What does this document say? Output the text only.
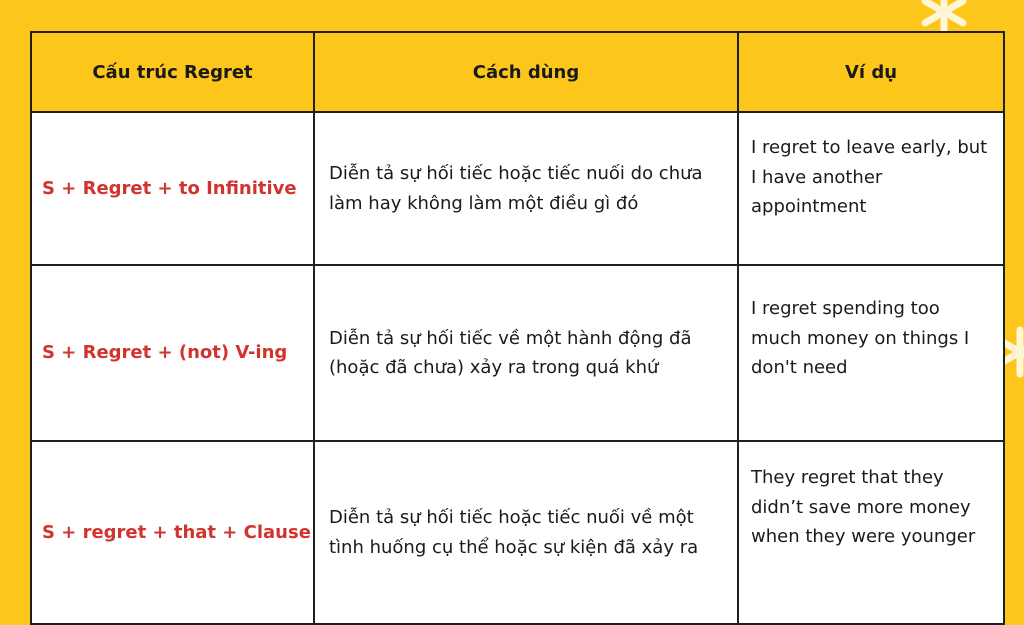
Cấu trúc Regret	Cách dùng	Ví dụ
S + Regret + to Infinitive	Diễn tả sự hối tiếc hoặc tiếc nuối do chưa làm hay không làm một điều gì đó	I regret to leave early, but I have another appointment

S + Regret + (not) V-ing	Diễn tả sự hối tiếc về một hành động đã (hoặc đã chưa) xảy ra trong quá khứ	I regret spending too much money on things I don't need

S + regret + that + Clause	Diễn tả sự hối tiếc hoặc tiếc nuối về một tình huống cụ thể hoặc sự kiện đã xảy ra	They regret that they didn’t save more money when they were younger
